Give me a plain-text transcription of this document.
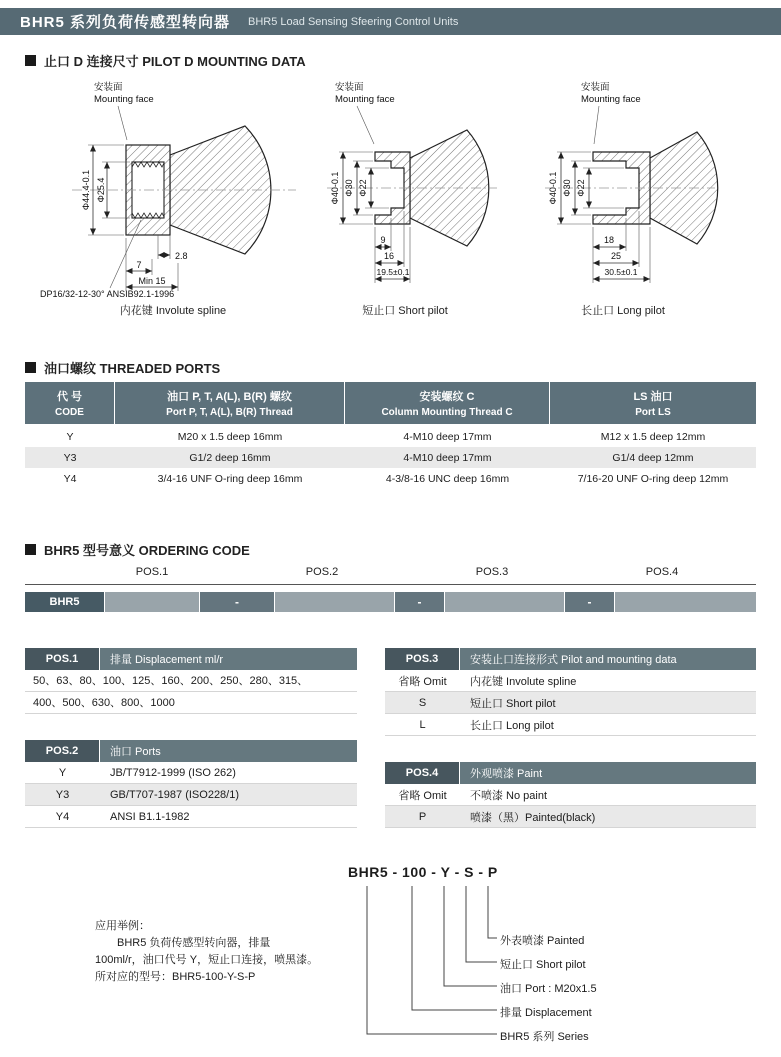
BHR5 系列负荷传感型转向器 BHR5 Load Sensing Sfeering Control Units
止口 D 连接尺寸 PILOT D MOUNTING DATA
安装面
Mounting face
Φ44.4-0.1 Φ25.4
2.8
7
Min 15
DP16/32-12-30° ANSIB92.1-1996
内花键 Involute spline
安装面
Mounting face
Φ40-0.1 Φ30 Φ22
9
16
19.5±0.1
短止口 Short pilot
安装面
Mounting face
Φ40-0.1 Φ30 Φ22
18
25
30.5±0.1
长止口 Long pilot
油口螺纹 THREADED PORTS
代 号
CODE
油口 P, T, A(L), B(R) 螺纹
Port P, T, A(L), B(R) Thread
安装螺纹 C
Column Mounting Thread C
LS 油口
Port LS
Y	M20 x 1.5 deep 16mm	4-M10 deep 17mm	M12 x 1.5 deep 12mm
Y3	G1/2 deep 16mm	4-M10 deep 17mm	G1/4 deep 12mm
Y4	3/4-16 UNF O-ring deep 16mm	4-3/8-16 UNC deep 16mm	7/16-20 UNF O-ring deep 12mm
BHR5 型号意义 ORDERING CODE
POS.1	POS.2	POS.3	POS.4
BHR5	-	-	-
POS.1	排量 Displacement ml/r
50、63、80、100、125、160、200、250、280、315、
400、500、630、800、1000
POS.2	油口 Ports
Y	JB/T7912-1999 (ISO 262)
Y3	GB/T707-1987 (ISO228/1)
Y4	ANSI B1.1-1982
POS.3	安装止口连接形式 Pilot and mounting data
省略 Omit	内花键 Involute spline
S	短止口 Short pilot
L	长止口 Long pilot
POS.4	外观喷漆 Paint
省略 Omit	不喷漆 No paint
P	喷漆（黑）Painted(black)
BHR5 - 100 - Y - S - P
外表喷漆 Painted
短止口 Short pilot
油口 Port : M20x1.5
排量 Displacement
BHR5 系列 Series
应用举例：
BHR5 负荷传感型转向器，排量
100ml/r，油口代号 Y，短止口连接，喷黑漆。
所对应的型号：BHR5-100-Y-S-P
